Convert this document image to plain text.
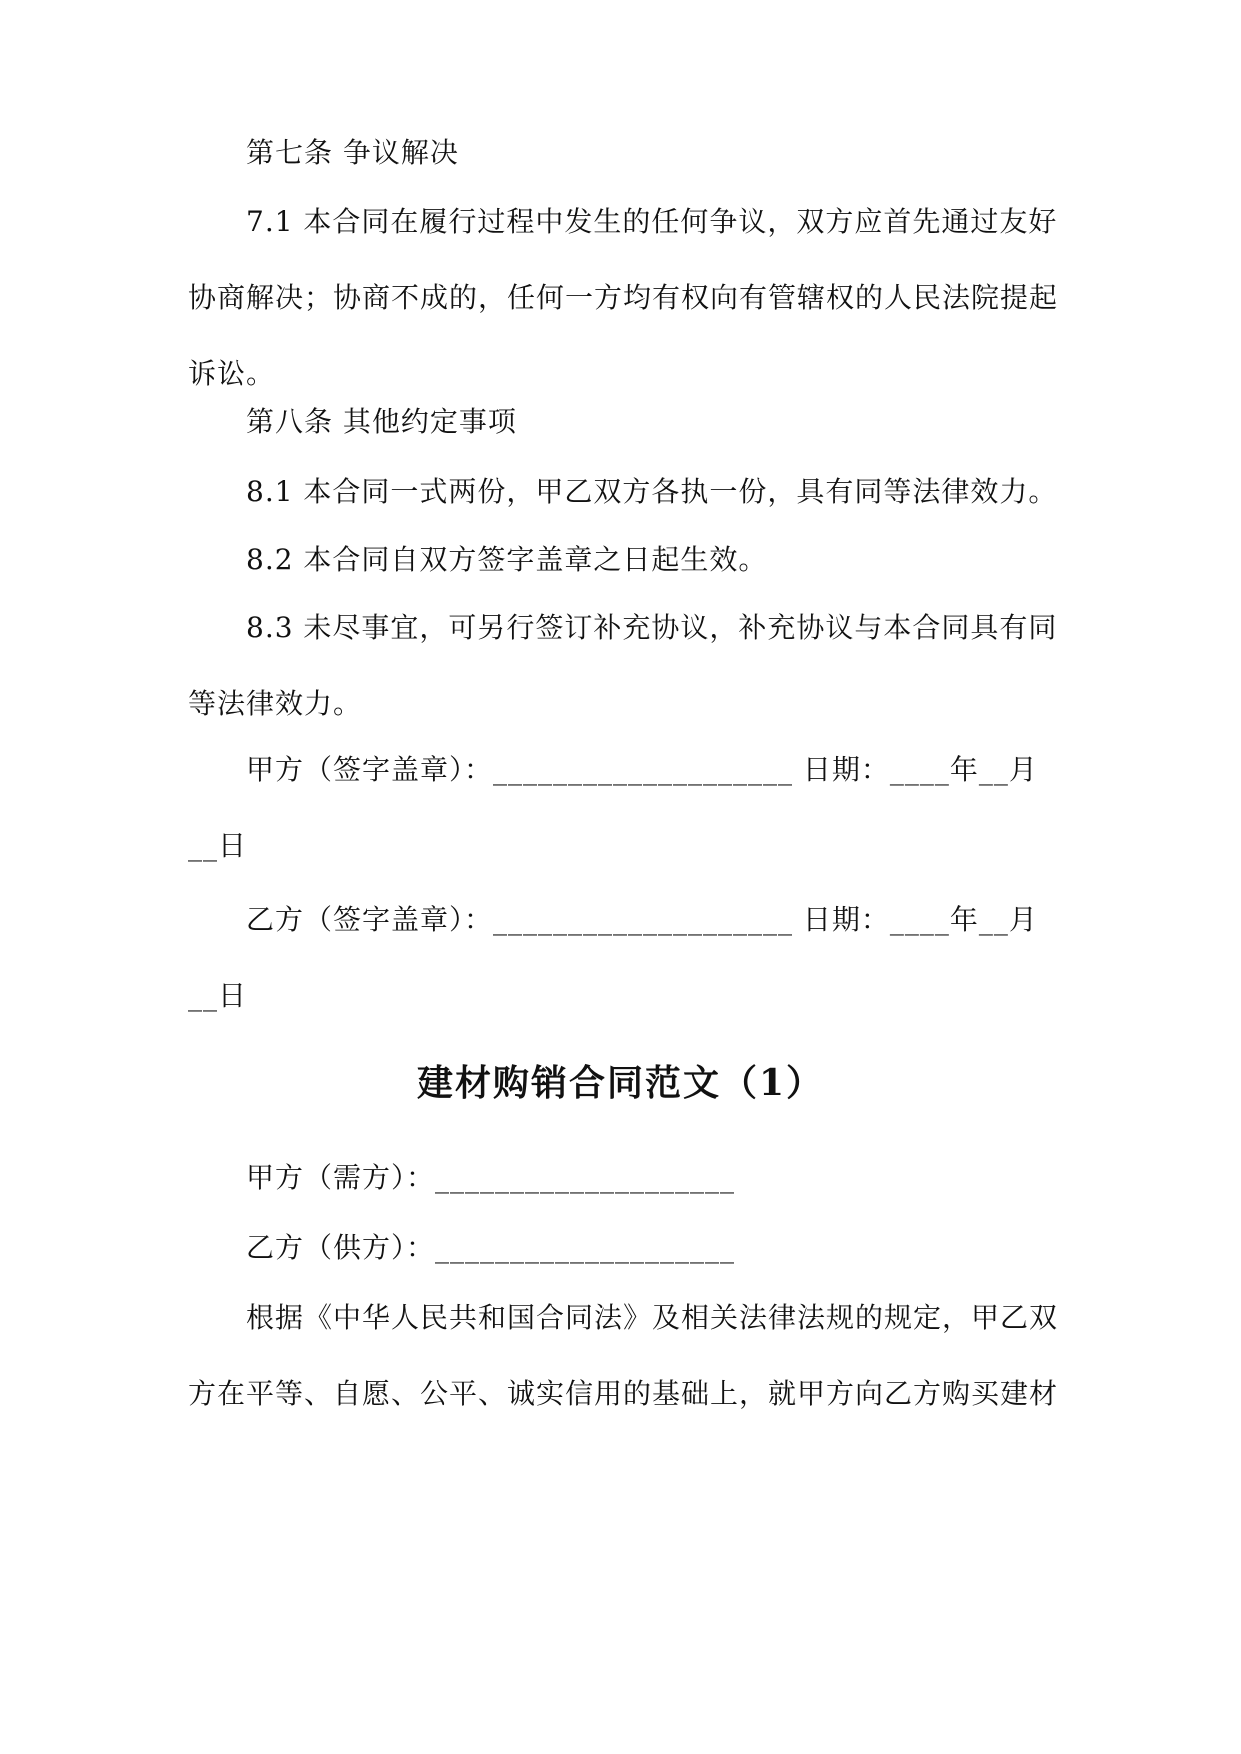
第七条 争议解决
7.1 本合同在履行过程中发生的任何争议，双方应首先通过友好
协商解决；协商不成的，任何一方均有权向有管辖权的人民法院提起
诉讼。
第八条 其他约定事项
8.1 本合同一式两份，甲乙双方各执一份，具有同等法律效力。
8.2 本合同自双方签字盖章之日起生效。
8.3 未尽事宜，可另行签订补充协议，补充协议与本合同具有同
等法律效力。
甲方（签字盖章）：____________________ 日期：____年__月
__日
乙方（签字盖章）：____________________ 日期：____年__月
__日
建材购销合同范文（1）
甲方（需方）：____________________
乙方（供方）：____________________
根据《中华人民共和国合同法》及相关法律法规的规定，甲乙双
方在平等、自愿、公平、诚实信用的基础上，就甲方向乙方购买建材
